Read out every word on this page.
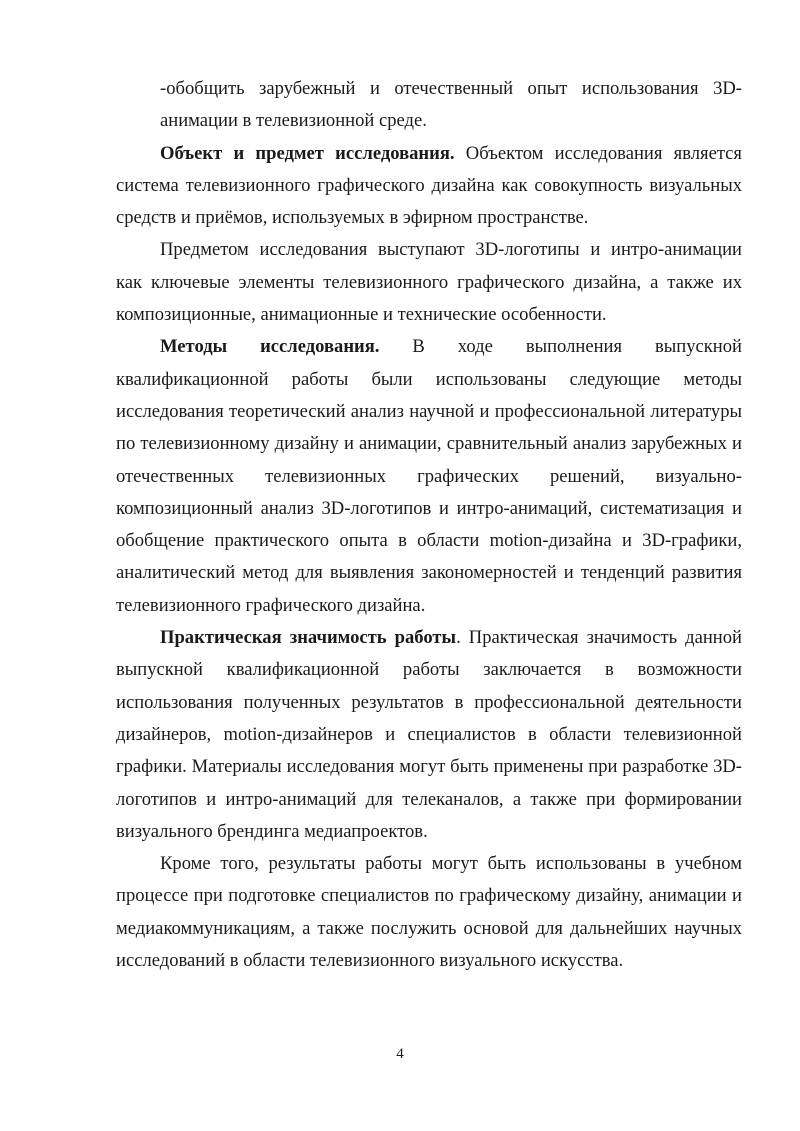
-обобщить зарубежный и отечественный опыт использования 3D-анимации в телевизионной среде.

Объект и предмет исследования. Объектом исследования является система телевизионного графического дизайна как совокупность визуальных средств и приёмов, используемых в эфирном пространстве.

Предметом исследования выступают 3D-логотипы и интро-анимации как ключевые элементы телевизионного графического дизайна, а также их композиционные, анимационные и технические особенности.

Методы исследования. В ходе выполнения выпускной квалификационной работы были использованы следующие методы исследования теоретический анализ научной и профессиональной литературы по телевизионному дизайну и анимации, сравнительный анализ зарубежных и отечественных телевизионных графических решений, визуально-композиционный анализ 3D-логотипов и интро-анимаций, систематизация и обобщение практического опыта в области motion-дизайна и 3D-графики, аналитический метод для выявления закономерностей и тенденций развития телевизионного графического дизайна.

Практическая значимость работы. Практическая значимость данной выпускной квалификационной работы заключается в возможности использования полученных результатов в профессиональной деятельности дизайнеров, motion-дизайнеров и специалистов в области телевизионной графики. Материалы исследования могут быть применены при разработке 3D-логотипов и интро-анимаций для телеканалов, а также при формировании визуального брендинга медиапроектов.

Кроме того, результаты работы могут быть использованы в учебном процессе при подготовке специалистов по графическому дизайну, анимации и медиакоммуникациям, а также послужить основой для дальнейших научных исследований в области телевизионного визуального искусства.

4
